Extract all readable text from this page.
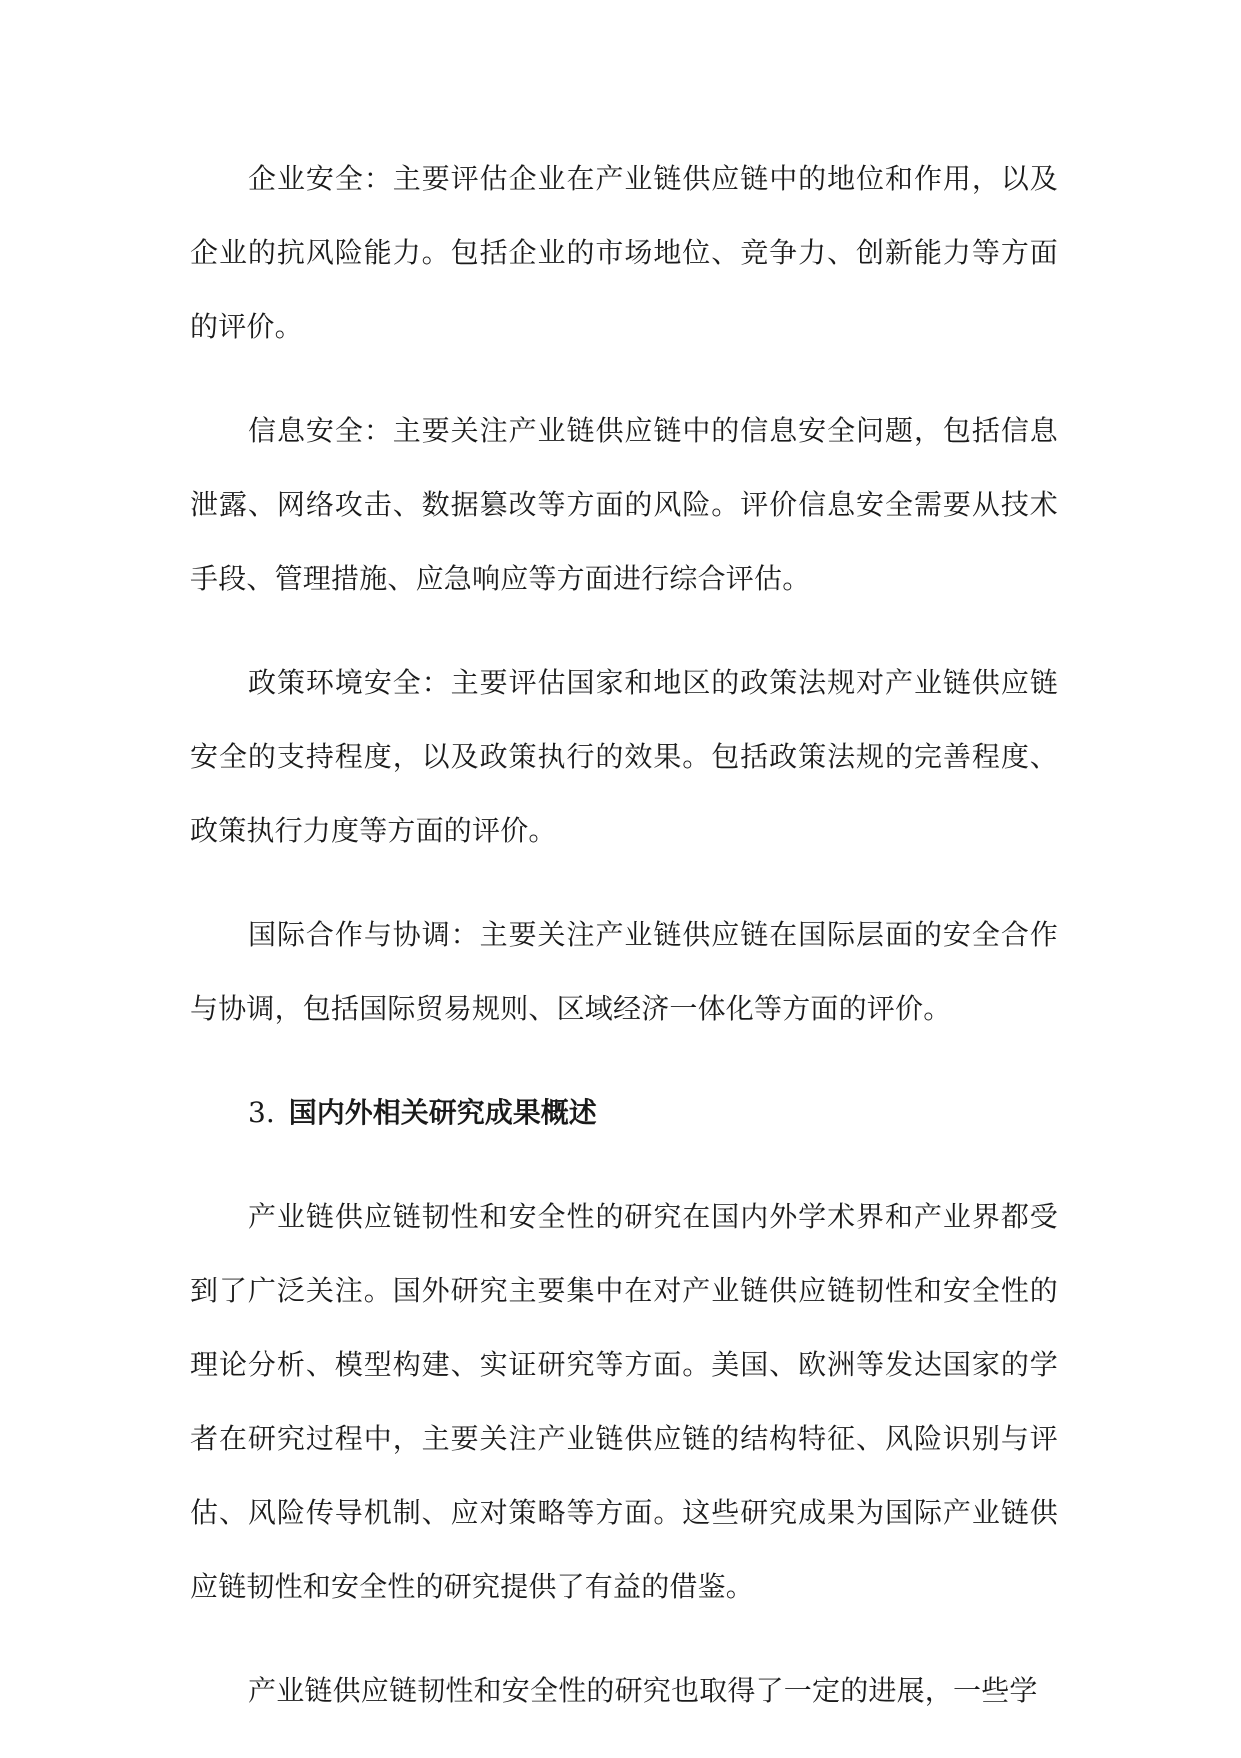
企业安全：主要评估企业在产业链供应链中的地位和作用，以及企业的抗风险能力。包括企业的市场地位、竞争力、创新能力等方面的评价。

信息安全：主要关注产业链供应链中的信息安全问题，包括信息泄露、网络攻击、数据篡改等方面的风险。评价信息安全需要从技术手段、管理措施、应急响应等方面进行综合评估。

政策环境安全：主要评估国家和地区的政策法规对产业链供应链安全的支持程度，以及政策执行的效果。包括政策法规的完善程度、政策执行力度等方面的评价。

国际合作与协调：主要关注产业链供应链在国际层面的安全合作与协调，包括国际贸易规则、区域经济一体化等方面的评价。

3. 国内外相关研究成果概述

产业链供应链韧性和安全性的研究在国内外学术界和产业界都受到了广泛关注。国外研究主要集中在对产业链供应链韧性和安全性的理论分析、模型构建、实证研究等方面。美国、欧洲等发达国家的学者在研究过程中，主要关注产业链供应链的结构特征、风险识别与评估、风险传导机制、应对策略等方面。这些研究成果为国际产业链供应链韧性和安全性的研究提供了有益的借鉴。

产业链供应链韧性和安全性的研究也取得了一定的进展，一些学
